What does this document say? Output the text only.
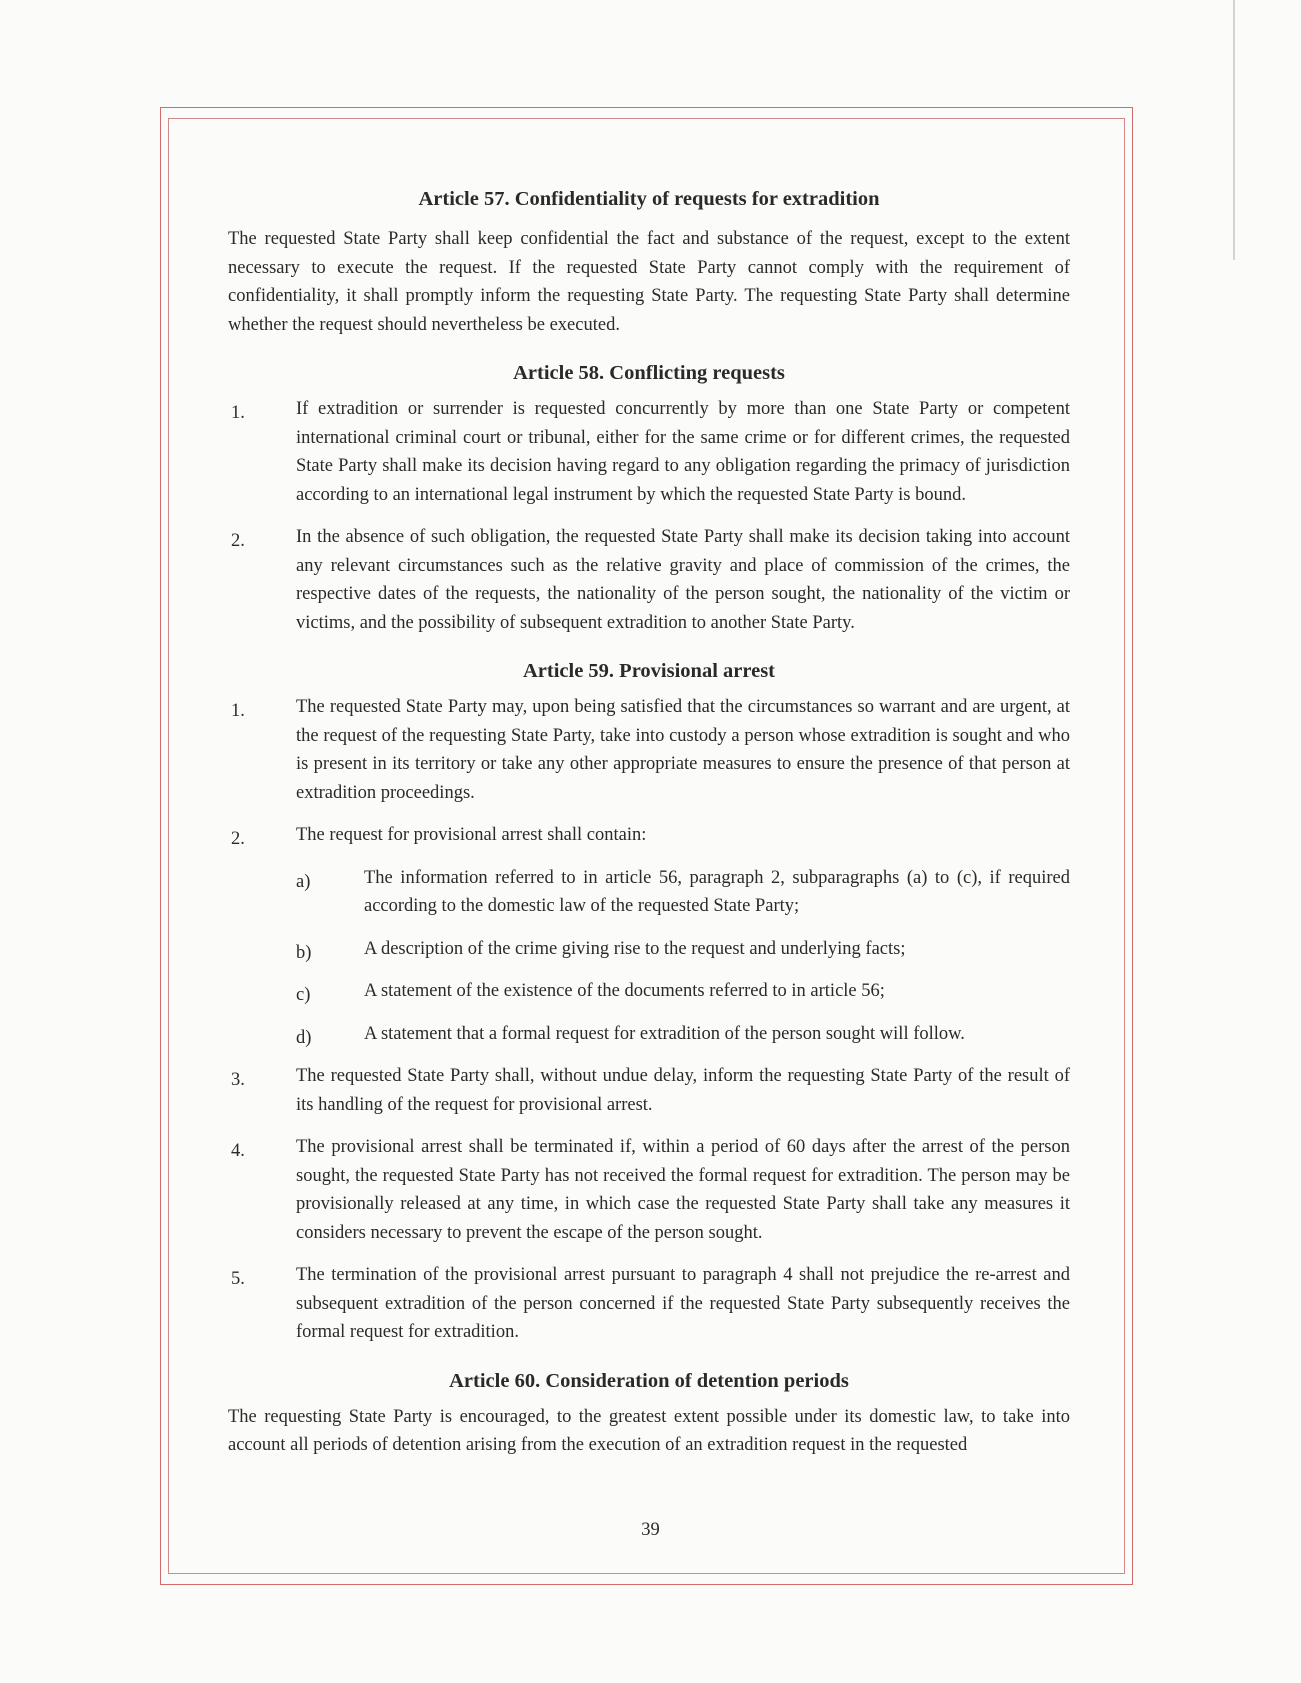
Article 57. Confidentiality of requests for extradition

The requested State Party shall keep confidential the fact and substance of the request, except to the extent necessary to execute the request. If the requested State Party cannot comply with the requirement of confidentiality, it shall promptly inform the requesting State Party. The requesting State Party shall determine whether the request should nevertheless be executed.

Article 58. Conflicting requests
1.	If extradition or surrender is requested concurrently by more than one State Party or competent international criminal court or tribunal, either for the same crime or for different crimes, the requested State Party shall make its decision having regard to any obligation regarding the primacy of jurisdiction according to an international legal instrument by which the requested State Party is bound.
2.	In the absence of such obligation, the requested State Party shall make its decision taking into account any relevant circumstances such as the relative gravity and place of commission of the crimes, the respective dates of the requests, the nationality of the person sought, the nationality of the victim or victims, and the possibility of subsequent extradition to another State Party.
Article 59. Provisional arrest
1.	The requested State Party may, upon being satisfied that the circumstances so warrant and are urgent, at the request of the requesting State Party, take into custody a person whose extradition is sought and who is present in its territory or take any other appropriate measures to ensure the presence of that person at extradition proceedings.
2.	The request for provisional arrest shall contain:
a)	The information referred to in article 56, paragraph 2, subparagraphs (a) to (c), if required according to the domestic law of the requested State Party;
b)	A description of the crime giving rise to the request and underlying facts;
c)	A statement of the existence of the documents referred to in article 56;
d)	A statement that a formal request for extradition of the person sought will follow.
3.	The requested State Party shall, without undue delay, inform the requesting State Party of the result of its handling of the request for provisional arrest.
4.	The provisional arrest shall be terminated if, within a period of 60 days after the arrest of the person sought, the requested State Party has not received the formal request for extradition. The person may be provisionally released at any time, in which case the requested State Party shall take any measures it considers necessary to prevent the escape of the person sought.
5.	The termination of the provisional arrest pursuant to paragraph 4 shall not prejudice the re-arrest and subsequent extradition of the person concerned if the requested State Party subsequently receives the formal request for extradition.
Article 60. Consideration of detention periods

The requesting State Party is encouraged, to the greatest extent possible under its domestic law, to take into account all periods of detention arising from the execution of an extradition request in the requested

39
